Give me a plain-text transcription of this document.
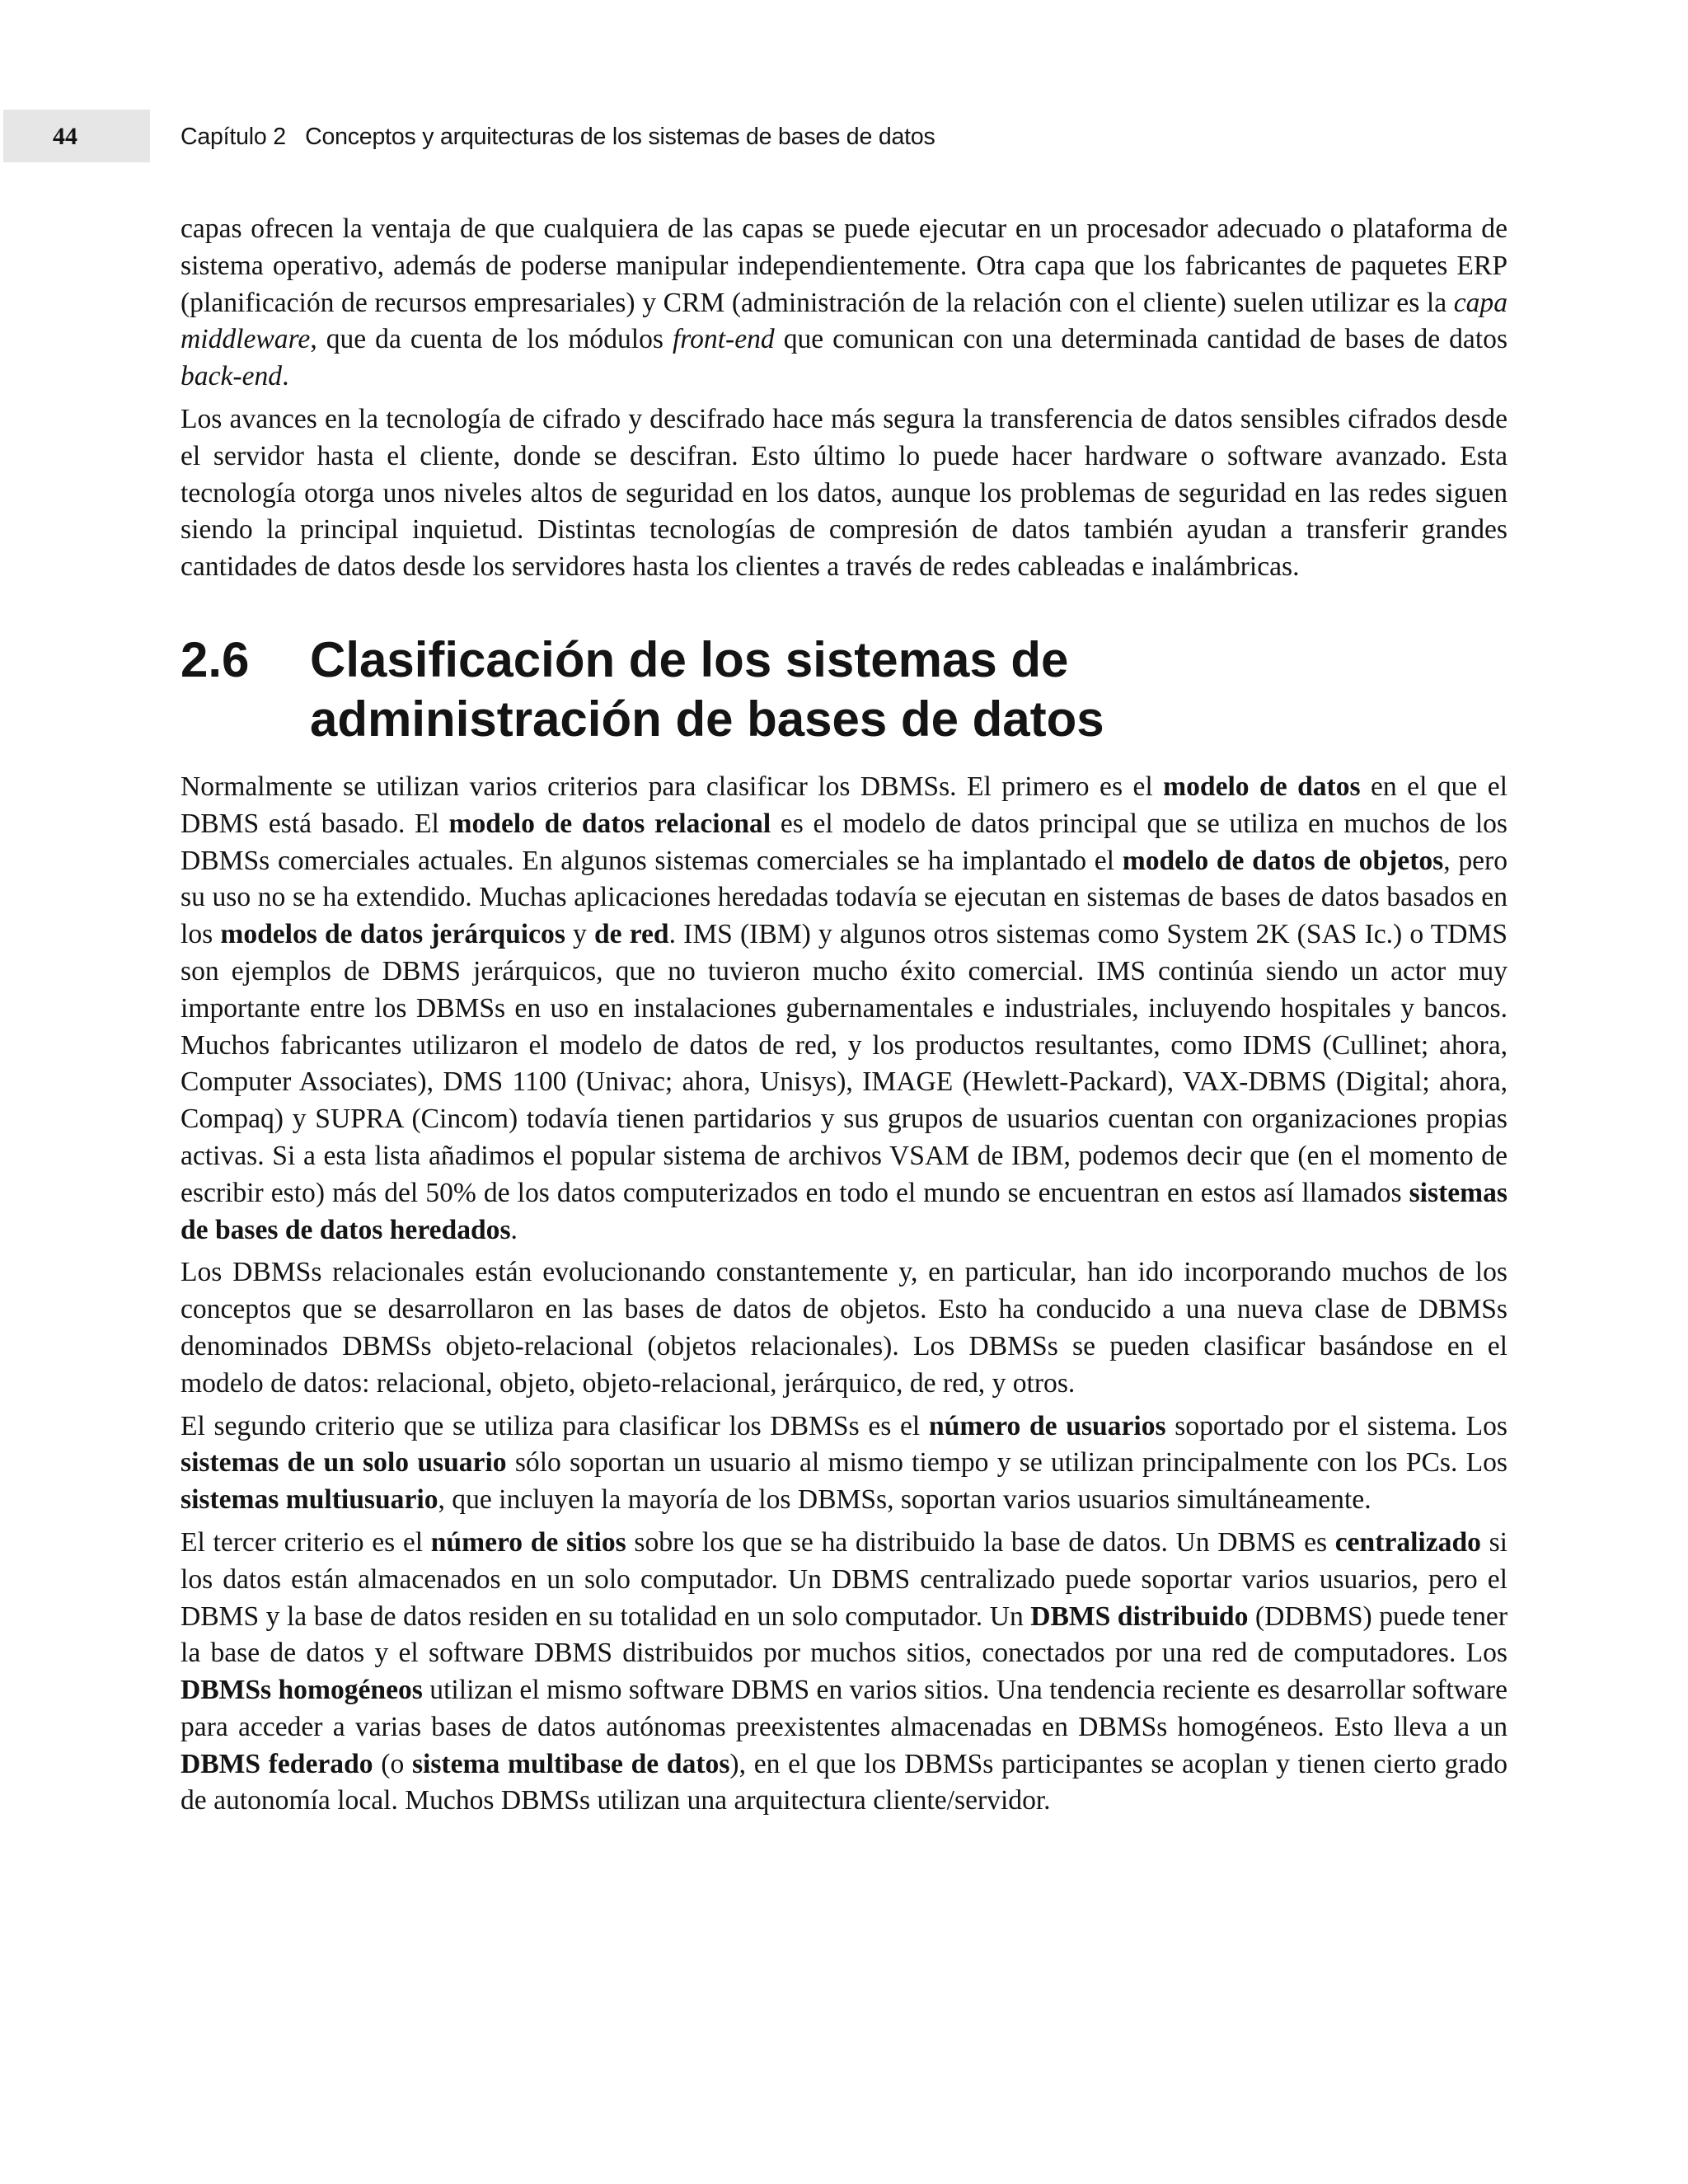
44	Capítulo 2   Conceptos y arquitecturas de los sistemas de bases de datos

capas ofrecen la ventaja de que cualquiera de las capas se puede ejecutar en un procesador adecuado o plataforma de sistema operativo, además de poderse manipular independientemente. Otra capa que los fabricantes de paquetes ERP (planificación de recursos empresariales) y CRM (administración de la relación con el cliente) suelen utilizar es la capa middleware, que da cuenta de los módulos front-end que comunican con una determinada cantidad de bases de datos back-end.

Los avances en la tecnología de cifrado y descifrado hace más segura la transferencia de datos sensibles cifrados desde el servidor hasta el cliente, donde se descifran. Esto último lo puede hacer hardware o software avanzado. Esta tecnología otorga unos niveles altos de seguridad en los datos, aunque los problemas de seguridad en las redes siguen siendo la principal inquietud. Distintas tecnologías de compresión de datos también ayudan a transferir grandes cantidades de datos desde los servidores hasta los clientes a través de redes cableadas e inalámbricas.

2.6	Clasificación de los sistemas de administración de bases de datos

Normalmente se utilizan varios criterios para clasificar los DBMSs. El primero es el modelo de datos en el que el DBMS está basado. El modelo de datos relacional es el modelo de datos principal que se utiliza en muchos de los DBMSs comerciales actuales. En algunos sistemas comerciales se ha implantado el modelo de datos de objetos, pero su uso no se ha extendido. Muchas aplicaciones heredadas todavía se ejecutan en sistemas de bases de datos basados en los modelos de datos jerárquicos y de red. IMS (IBM) y algunos otros sistemas como System 2K (SAS Ic.) o TDMS son ejemplos de DBMS jerárquicos, que no tuvieron mucho éxito comercial. IMS continúa siendo un actor muy importante entre los DBMSs en uso en instalaciones gubernamentales e industriales, incluyendo hospitales y bancos. Muchos fabricantes utilizaron el modelo de datos de red, y los productos resultantes, como IDMS (Cullinet; ahora, Computer Associates), DMS 1100 (Univac; ahora, Unisys), IMAGE (Hewlett-Packard), VAX-DBMS (Digital; ahora, Compaq) y SUPRA (Cincom) todavía tienen partidarios y sus grupos de usuarios cuentan con organizaciones propias activas. Si a esta lista añadimos el popular sistema de archivos VSAM de IBM, podemos decir que (en el momento de escribir esto) más del 50% de los datos computerizados en todo el mundo se encuentran en estos así llamados sistemas de bases de datos heredados.

Los DBMSs relacionales están evolucionando constantemente y, en particular, han ido incorporando muchos de los conceptos que se desarrollaron en las bases de datos de objetos. Esto ha conducido a una nueva clase de DBMSs denominados DBMSs objeto-relacional (objetos relacionales). Los DBMSs se pueden clasificar basándose en el modelo de datos: relacional, objeto, objeto-relacional, jerárquico, de red, y otros.

El segundo criterio que se utiliza para clasificar los DBMSs es el número de usuarios soportado por el sistema. Los sistemas de un solo usuario sólo soportan un usuario al mismo tiempo y se utilizan principalmente con los PCs. Los sistemas multiusuario, que incluyen la mayoría de los DBMSs, soportan varios usuarios simultáneamente.

El tercer criterio es el número de sitios sobre los que se ha distribuido la base de datos. Un DBMS es centralizado si los datos están almacenados en un solo computador. Un DBMS centralizado puede soportar varios usuarios, pero el DBMS y la base de datos residen en su totalidad en un solo computador. Un DBMS distribuido (DDBMS) puede tener la base de datos y el software DBMS distribuidos por muchos sitios, conectados por una red de computadores. Los DBMSs homogéneos utilizan el mismo software DBMS en varios sitios. Una tendencia reciente es desarrollar software para acceder a varias bases de datos autónomas preexistentes almacenadas en DBMSs homogéneos. Esto lleva a un DBMS federado (o sistema multibase de datos), en el que los DBMSs participantes se acoplan y tienen cierto grado de autonomía local. Muchos DBMSs utilizan una arquitectura cliente/servidor.
